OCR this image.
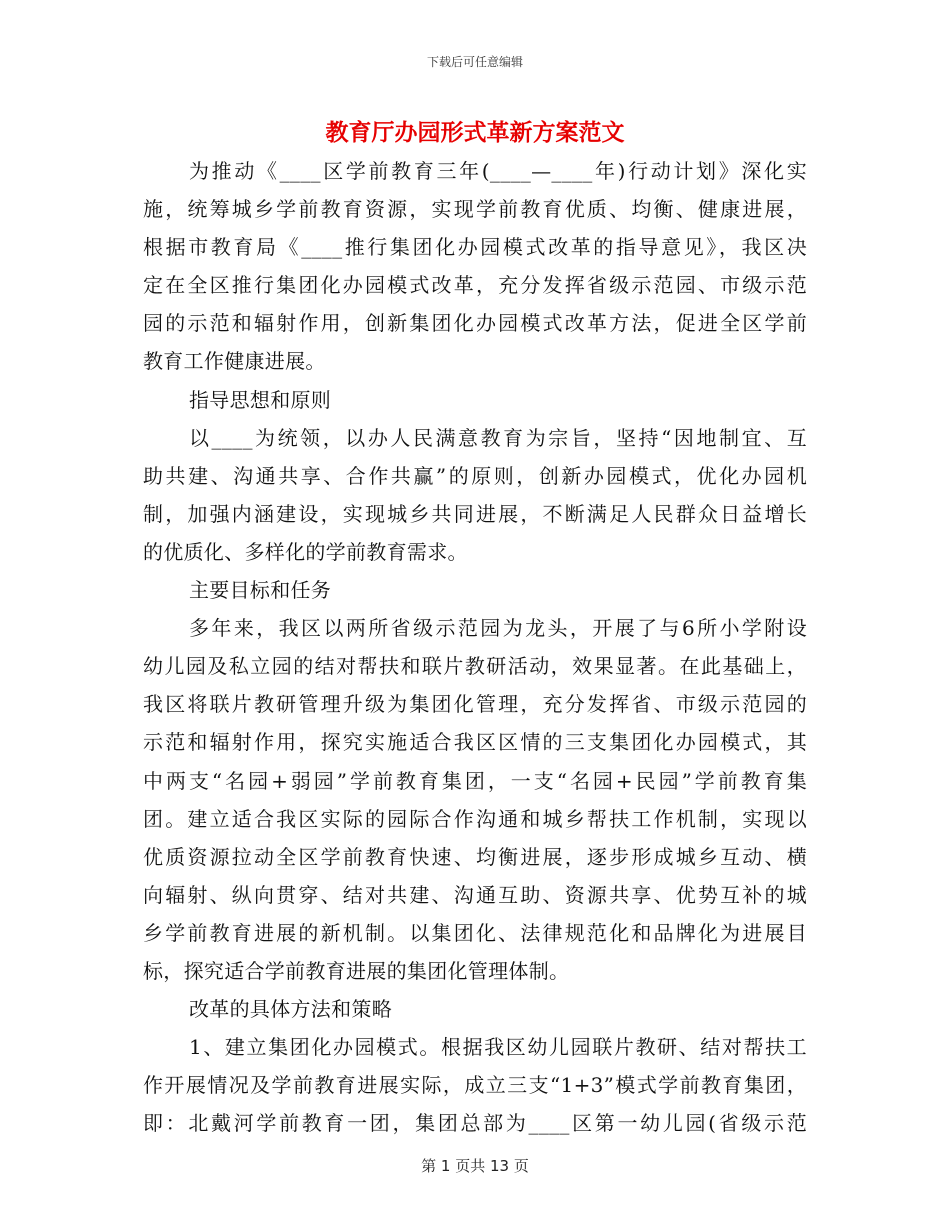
下载后可任意编辑
教育厅办园形式革新方案范文
为推动《____区学前教育三年(____—____年)行动计划》深化实
施，统筹城乡学前教育资源，实现学前教育优质、均衡、健康进展，
根据市教育局《____推行集团化办园模式改革的指导意见》，我区决
定在全区推行集团化办园模式改革，充分发挥省级示范园、市级示范
园的示范和辐射作用，创新集团化办园模式改革方法，促进全区学前
教育工作健康进展。
指导思想和原则
以____为统领，以办人民满意教育为宗旨，坚持“因地制宜、互
助共建、沟通共享、合作共赢”的原则，创新办园模式，优化办园机
制，加强内涵建设，实现城乡共同进展，不断满足人民群众日益增长
的优质化、多样化的学前教育需求。
主要目标和任务
多年来，我区以两所省级示范园为龙头，开展了与6所小学附设
幼儿园及私立园的结对帮扶和联片教研活动，效果显著。在此基础上，
我区将联片教研管理升级为集团化管理，充分发挥省、市级示范园的
示范和辐射作用，探究实施适合我区区情的三支集团化办园模式，其
中两支“名园+弱园”学前教育集团，一支“名园+民园”学前教育集
团。建立适合我区实际的园际合作沟通和城乡帮扶工作机制，实现以
优质资源拉动全区学前教育快速、均衡进展，逐步形成城乡互动、横
向辐射、纵向贯穿、结对共建、沟通互助、资源共享、优势互补的城
乡学前教育进展的新机制。以集团化、法律规范化和品牌化为进展目
标，探究适合学前教育进展的集团化管理体制。
改革的具体方法和策略
1、建立集团化办园模式。根据我区幼儿园联片教研、结对帮扶工
作开展情况及学前教育进展实际，成立三支“1+3”模式学前教育集团，
即：北戴河学前教育一团，集团总部为____区第一幼儿园(省级示范
第 1 页共 13 页
